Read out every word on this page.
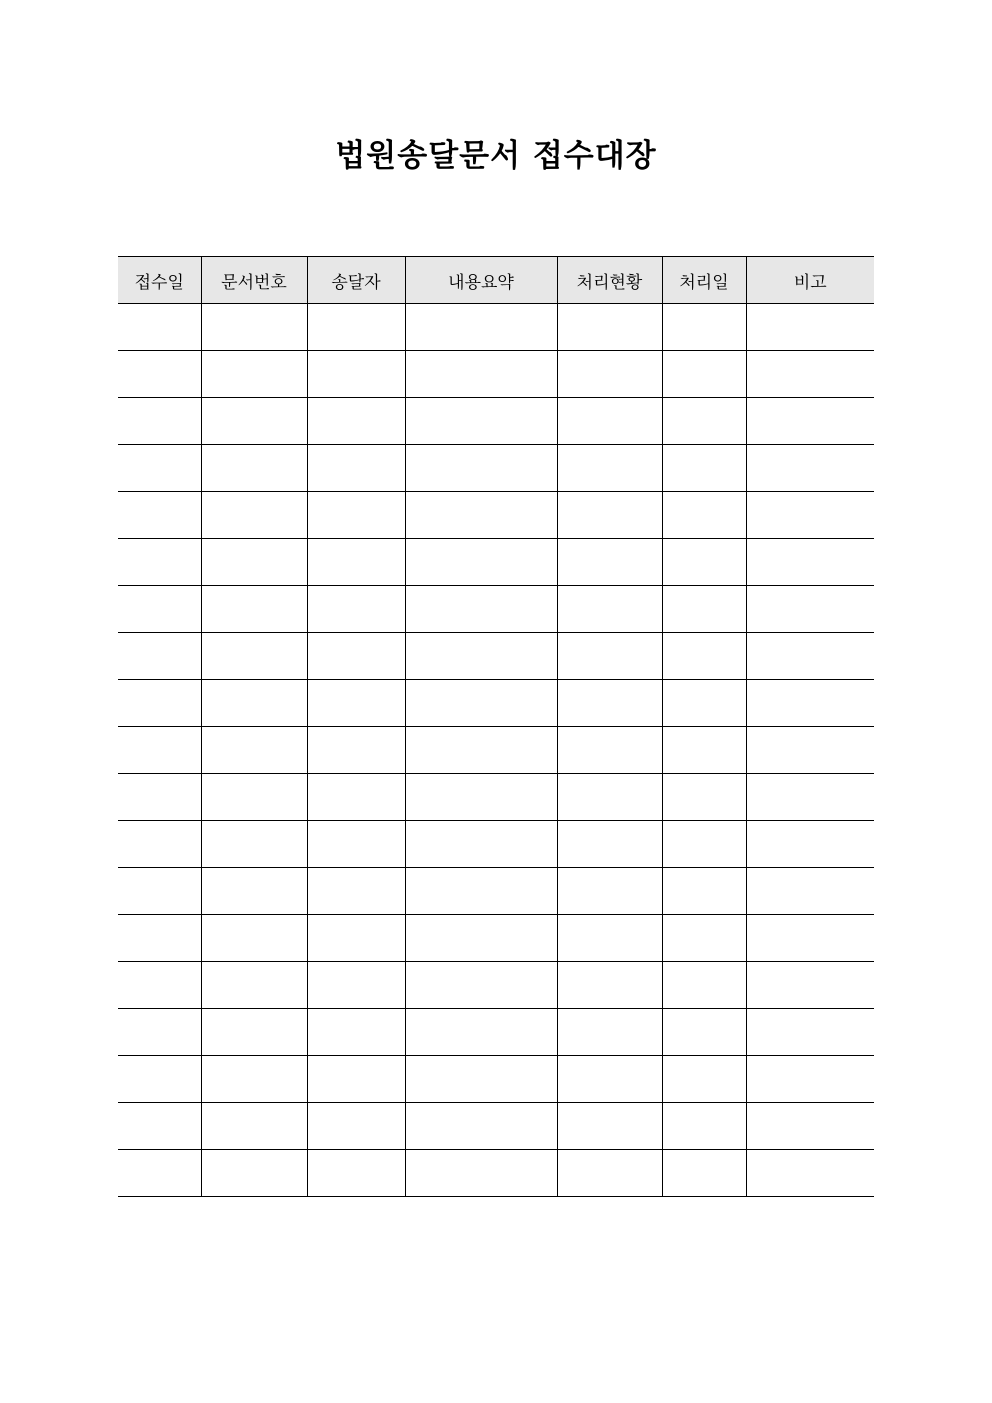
법원송달문서 접수대장
접수일	문서번호	송달자	내용요약	처리현황	처리일	비고
